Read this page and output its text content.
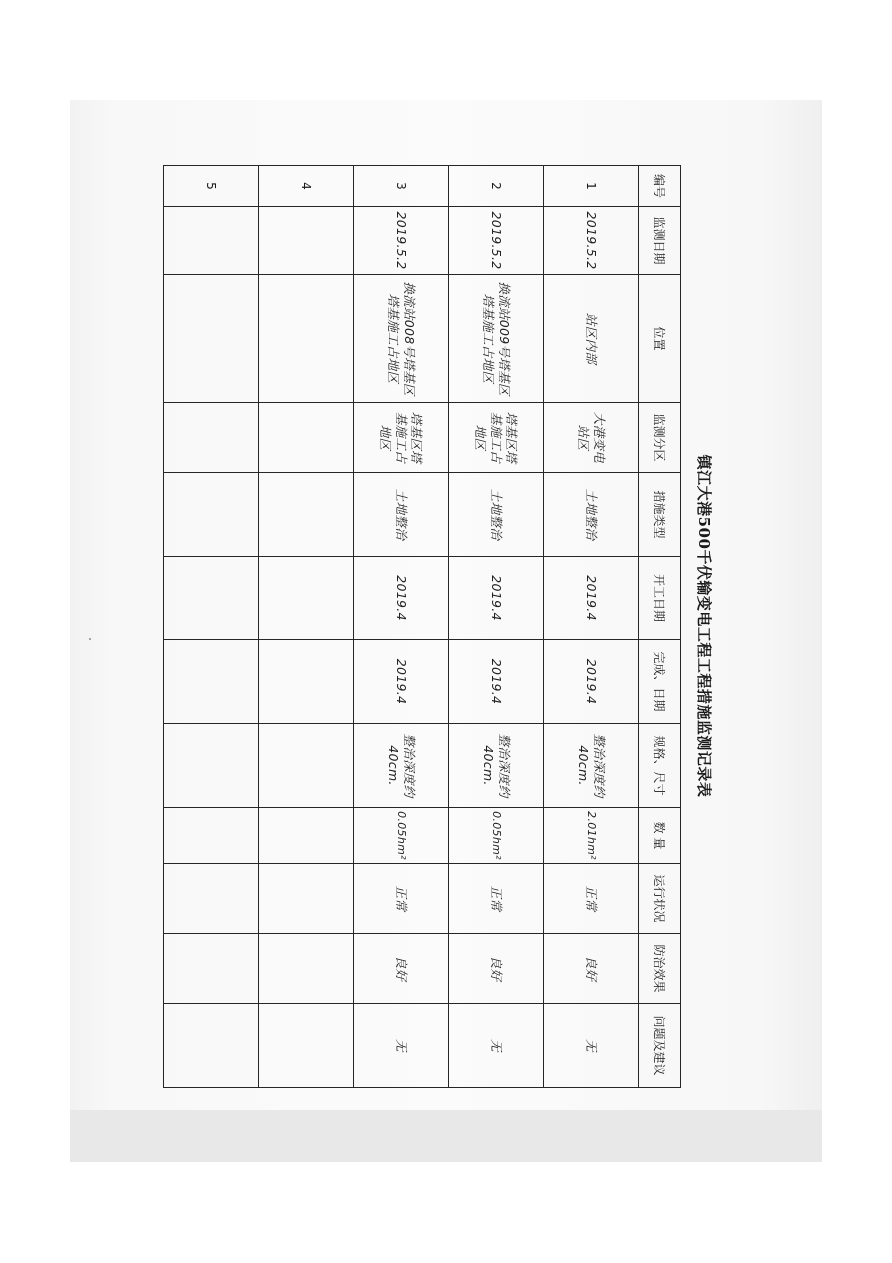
镇江大港500千伏输变电工程工程措施监测记录表
编号	监测日期	位置	监测分区	措施类型	开工日期	完成、日期	规格、尺寸	数 量	运行状况	防治效果	问题及建议
1	2019.5.2	站区内部	大港变电站区	土地整治	2019.4	2019.4	整治深度约40cm.	2.01hm²	正常	良好	无
2	2019.5.2	换流站009号塔基区塔基施工占地区	塔基区塔基施工占地区	土地整治	2019.4	2019.4	整治深度约40cm.	0.05hm²	正常	良好	无
3	2019.5.2	换流站008号塔基区塔基施工占地区	塔基区塔基施工占地区	土地整治	2019.4	2019.4	整治深度约40cm.	0.05hm²	正常	良好	无
4											
5											
